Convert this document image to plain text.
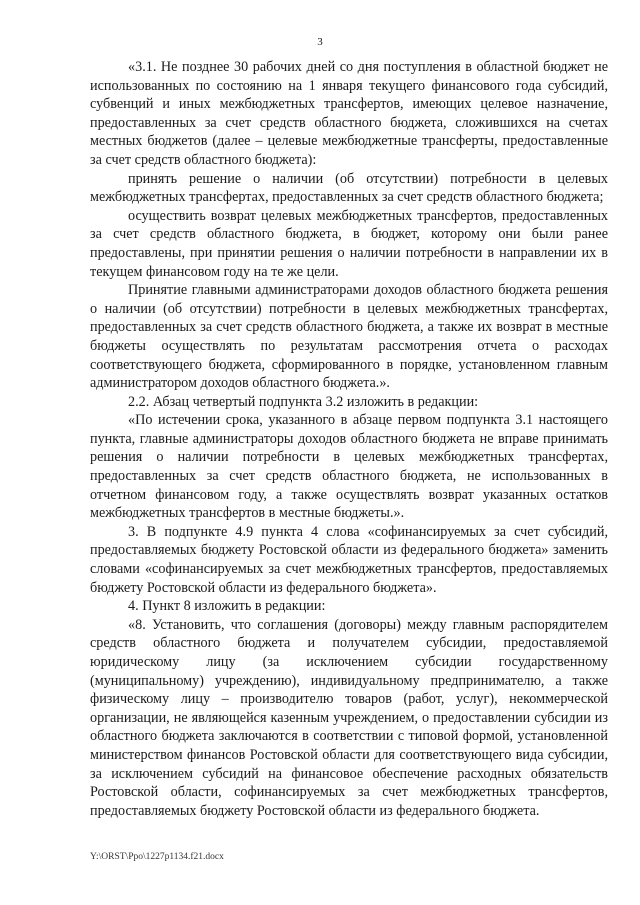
3

«3.1. Не позднее 30 рабочих дней со дня поступления в областной бюджет не использованных по состоянию на 1 января текущего финансового года субсидий, субвенций и иных межбюджетных трансфертов, имеющих целевое назначение, предоставленных за счет средств областного бюджета, сложившихся на счетах местных бюджетов (далее – целевые межбюджетные трансферты, предоставленные за счет средств областного бюджета):

принять решение о наличии (об отсутствии) потребности в целевых межбюджетных трансфертах, предоставленных за счет средств областного бюджета;

осуществить возврат целевых межбюджетных трансфертов, предоставленных за счет средств областного бюджета, в бюджет, которому они были ранее предоставлены, при принятии решения о наличии потребности в направлении их в текущем финансовом году на те же цели.

Принятие главными администраторами доходов областного бюджета решения о наличии (об отсутствии) потребности в целевых межбюджетных трансфертах, предоставленных за счет средств областного бюджета, а также их возврат в местные бюджеты осуществлять по результатам рассмотрения отчета о расходах соответствующего бюджета, сформированного в порядке, установленном главным администратором доходов областного бюджета.».

2.2. Абзац четвертый подпункта 3.2 изложить в редакции:

«По истечении срока, указанного в абзаце первом подпункта 3.1 настоящего пункта, главные администраторы доходов областного бюджета не вправе принимать решения о наличии потребности в целевых межбюджетных трансфертах, предоставленных за счет средств областного бюджета, не использованных в отчетном финансовом году, а также осуществлять возврат указанных остатков межбюджетных трансфертов в местные бюджеты.».

3. В подпункте 4.9 пункта 4 слова «софинансируемых за счет субсидий, предоставляемых бюджету Ростовской области из федерального бюджета» заменить словами «софинансируемых за счет межбюджетных трансфертов, предоставляемых бюджету Ростовской области из федерального бюджета».

4. Пункт 8 изложить в редакции:

«8. Установить, что соглашения (договоры) между главным распорядителем средств областного бюджета и получателем субсидии, предоставляемой юридическому лицу (за исключением субсидии государственному (муниципальному) учреждению), индивидуальному предпринимателю, а также физическому лицу – производителю товаров (работ, услуг), некоммерческой организации, не являющейся казенным учреждением, о предоставлении субсидии из областного бюджета заключаются в соответствии с типовой формой, установленной министерством финансов Ростовской области для соответствующего вида субсидии, за исключением субсидий на финансовое обеспечение расходных обязательств Ростовской области, софинансируемых за счет межбюджетных трансфертов, предоставляемых бюджету Ростовской области из федерального бюджета.

Y:\ORST\Ppo\1227p1134.f21.docx
